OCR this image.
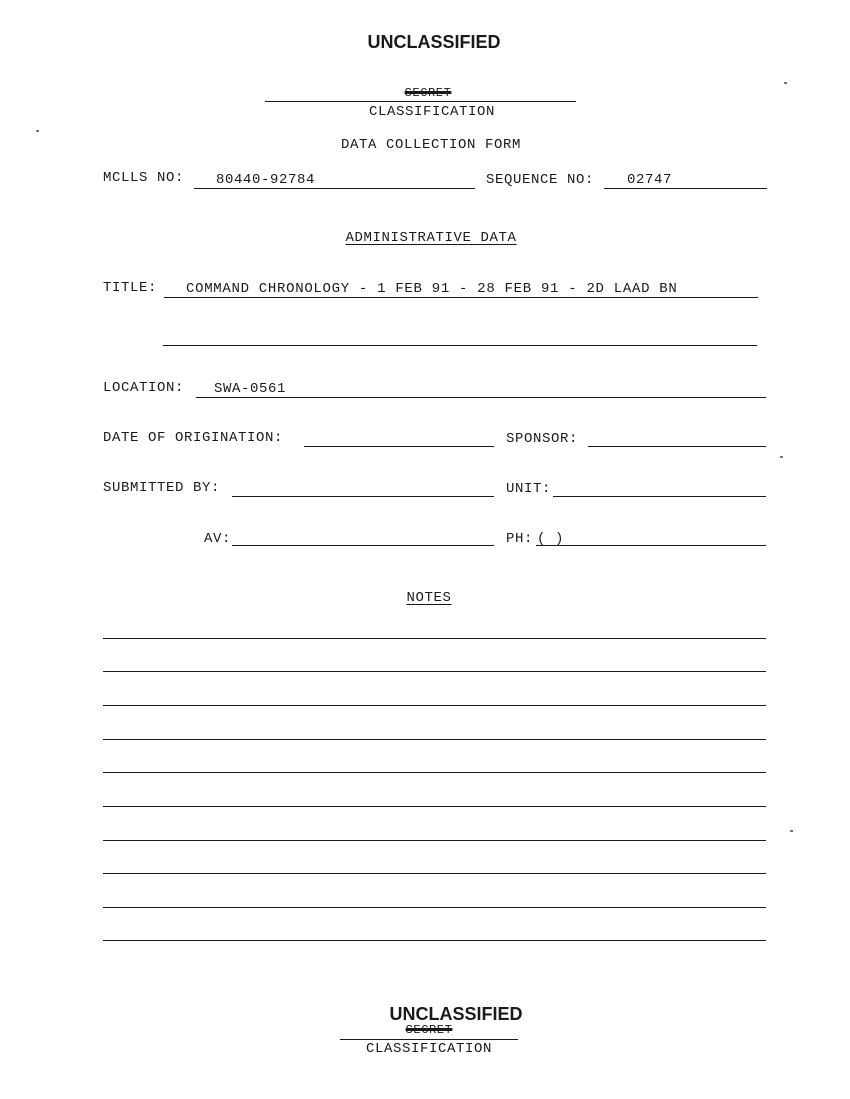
UNCLASSIFIED
SECRET
CLASSIFICATION
DATA COLLECTION FORM
MCLLS NO: 80440-92784	SEQUENCE NO: 02747
ADMINISTRATIVE DATA
TITLE: COMMAND CHRONOLOGY - 1 FEB 91 - 28 FEB 91 - 2D LAAD BN
LOCATION: SWA-0561
DATE OF ORIGINATION:	SPONSOR:
SUBMITTED BY:	UNIT:
AV:	PH: ( )
NOTES
UNCLASSIFIED
SECRET
CLASSIFICATION
